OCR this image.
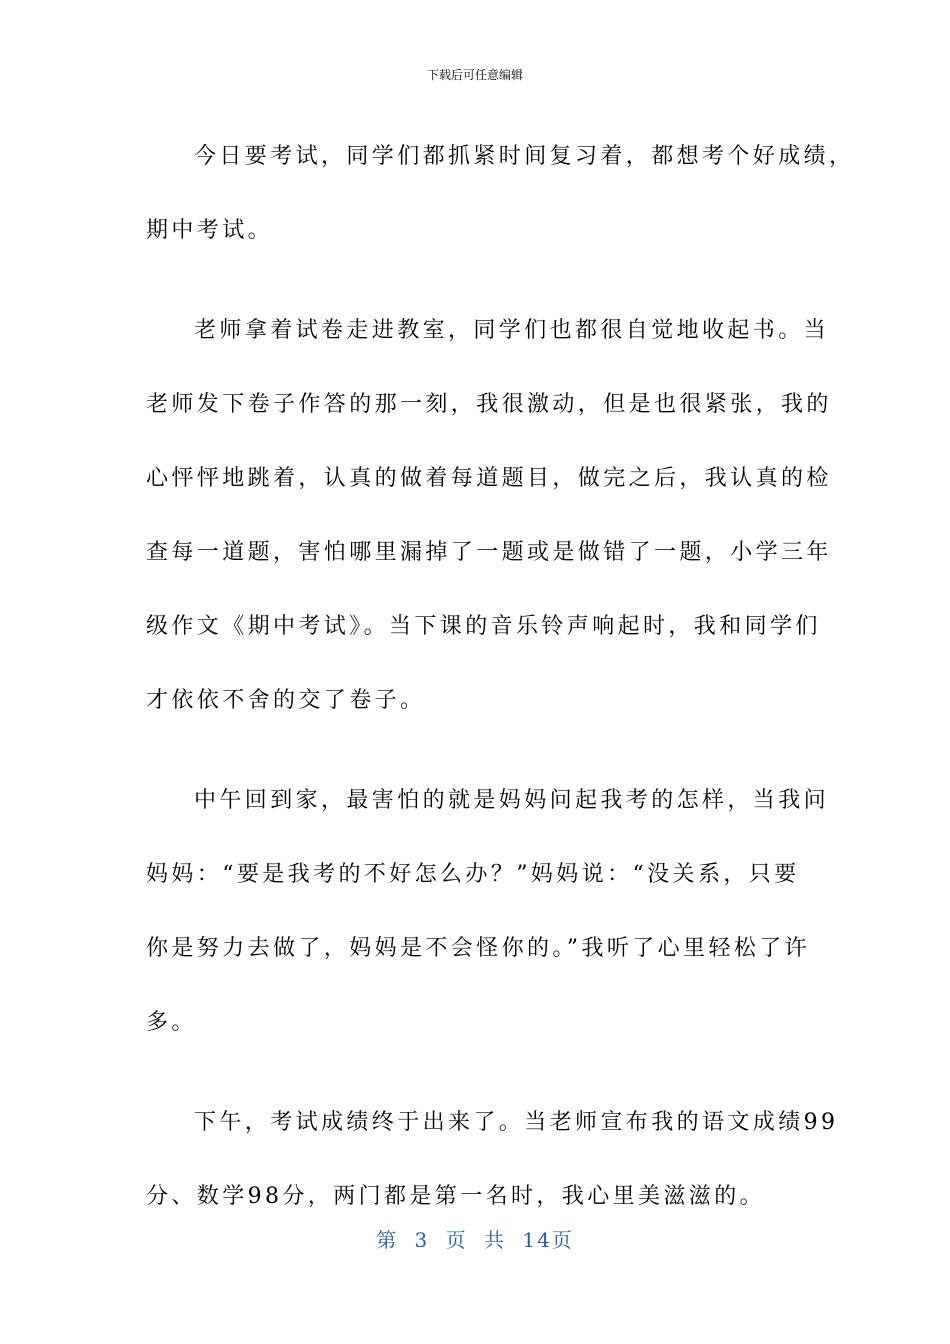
下载后可任意编辑

今日要考试，同学们都抓紧时间复习着，都想考个好成绩，
期中考试。

老师拿着试卷走进教室，同学们也都很自觉地收起书。当
老师发下卷子作答的那一刻，我很激动，但是也很紧张，我的
心怦怦地跳着，认真的做着每道题目，做完之后，我认真的检
查每一道题，害怕哪里漏掉了一题或是做错了一题，小学三年
级作文《期中考试》。当下课的音乐铃声响起时，我和同学们
才依依不舍的交了卷子。

中午回到家，最害怕的就是妈妈问起我考的怎样，当我问
妈妈：“要是我考的不好怎么办？”妈妈说：“没关系，只要
你是努力去做了，妈妈是不会怪你的。”我听了心里轻松了许
多。

下午，考试成绩终于出来了。当老师宣布我的语文成绩99
分、数学98分，两门都是第一名时，我心里美滋滋的。

第 3 页 共 14页
